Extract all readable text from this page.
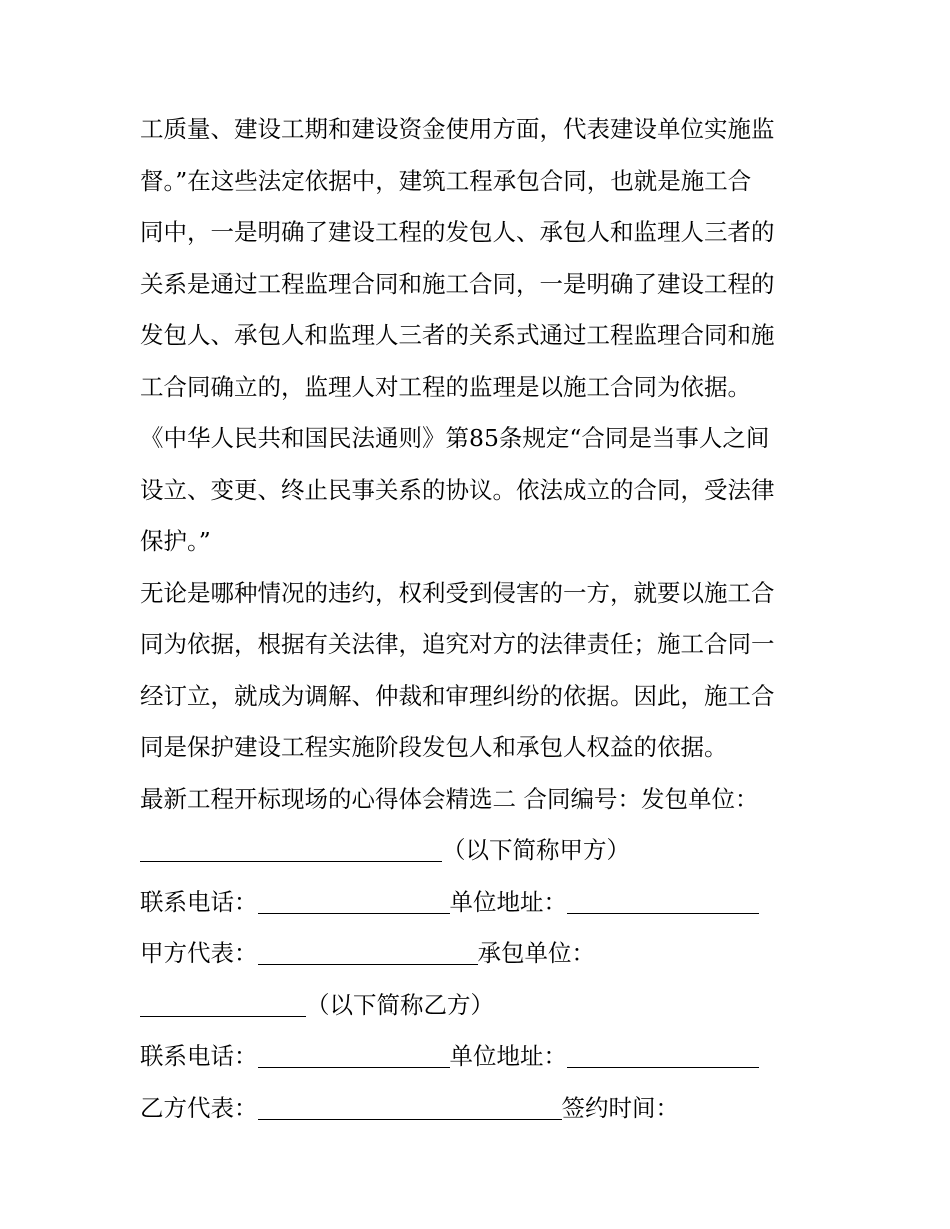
工质量、建设工期和建设资金使用方面，代表建设单位实施监
督。”在这些法定依据中，建筑工程承包合同，也就是施工合
同中，一是明确了建设工程的发包人、承包人和监理人三者的
关系是通过工程监理合同和施工合同，一是明确了建设工程的
发包人、承包人和监理人三者的关系式通过工程监理合同和施
工合同确立的，监理人对工程的监理是以施工合同为依据。
《中华人民共和国民法通则》第85条规定“合同是当事人之间
设立、变更、终止民事关系的协议。依法成立的合同，受法律
保护。”
无论是哪种情况的违约，权利受到侵害的一方，就要以施工合
同为依据，根据有关法律，追究对方的法律责任；施工合同一
经订立，就成为调解、仲裁和审理纠纷的依据。因此，施工合
同是保护建设工程实施阶段发包人和承包人权益的依据。
最新工程开标现场的心得体会精选二 合同编号：发包单位：
（以下简称甲方）
联系电话：	单位地址：
甲方代表：	承包单位：
（以下简称乙方）
联系电话：	单位地址：
乙方代表：	签约时间：
